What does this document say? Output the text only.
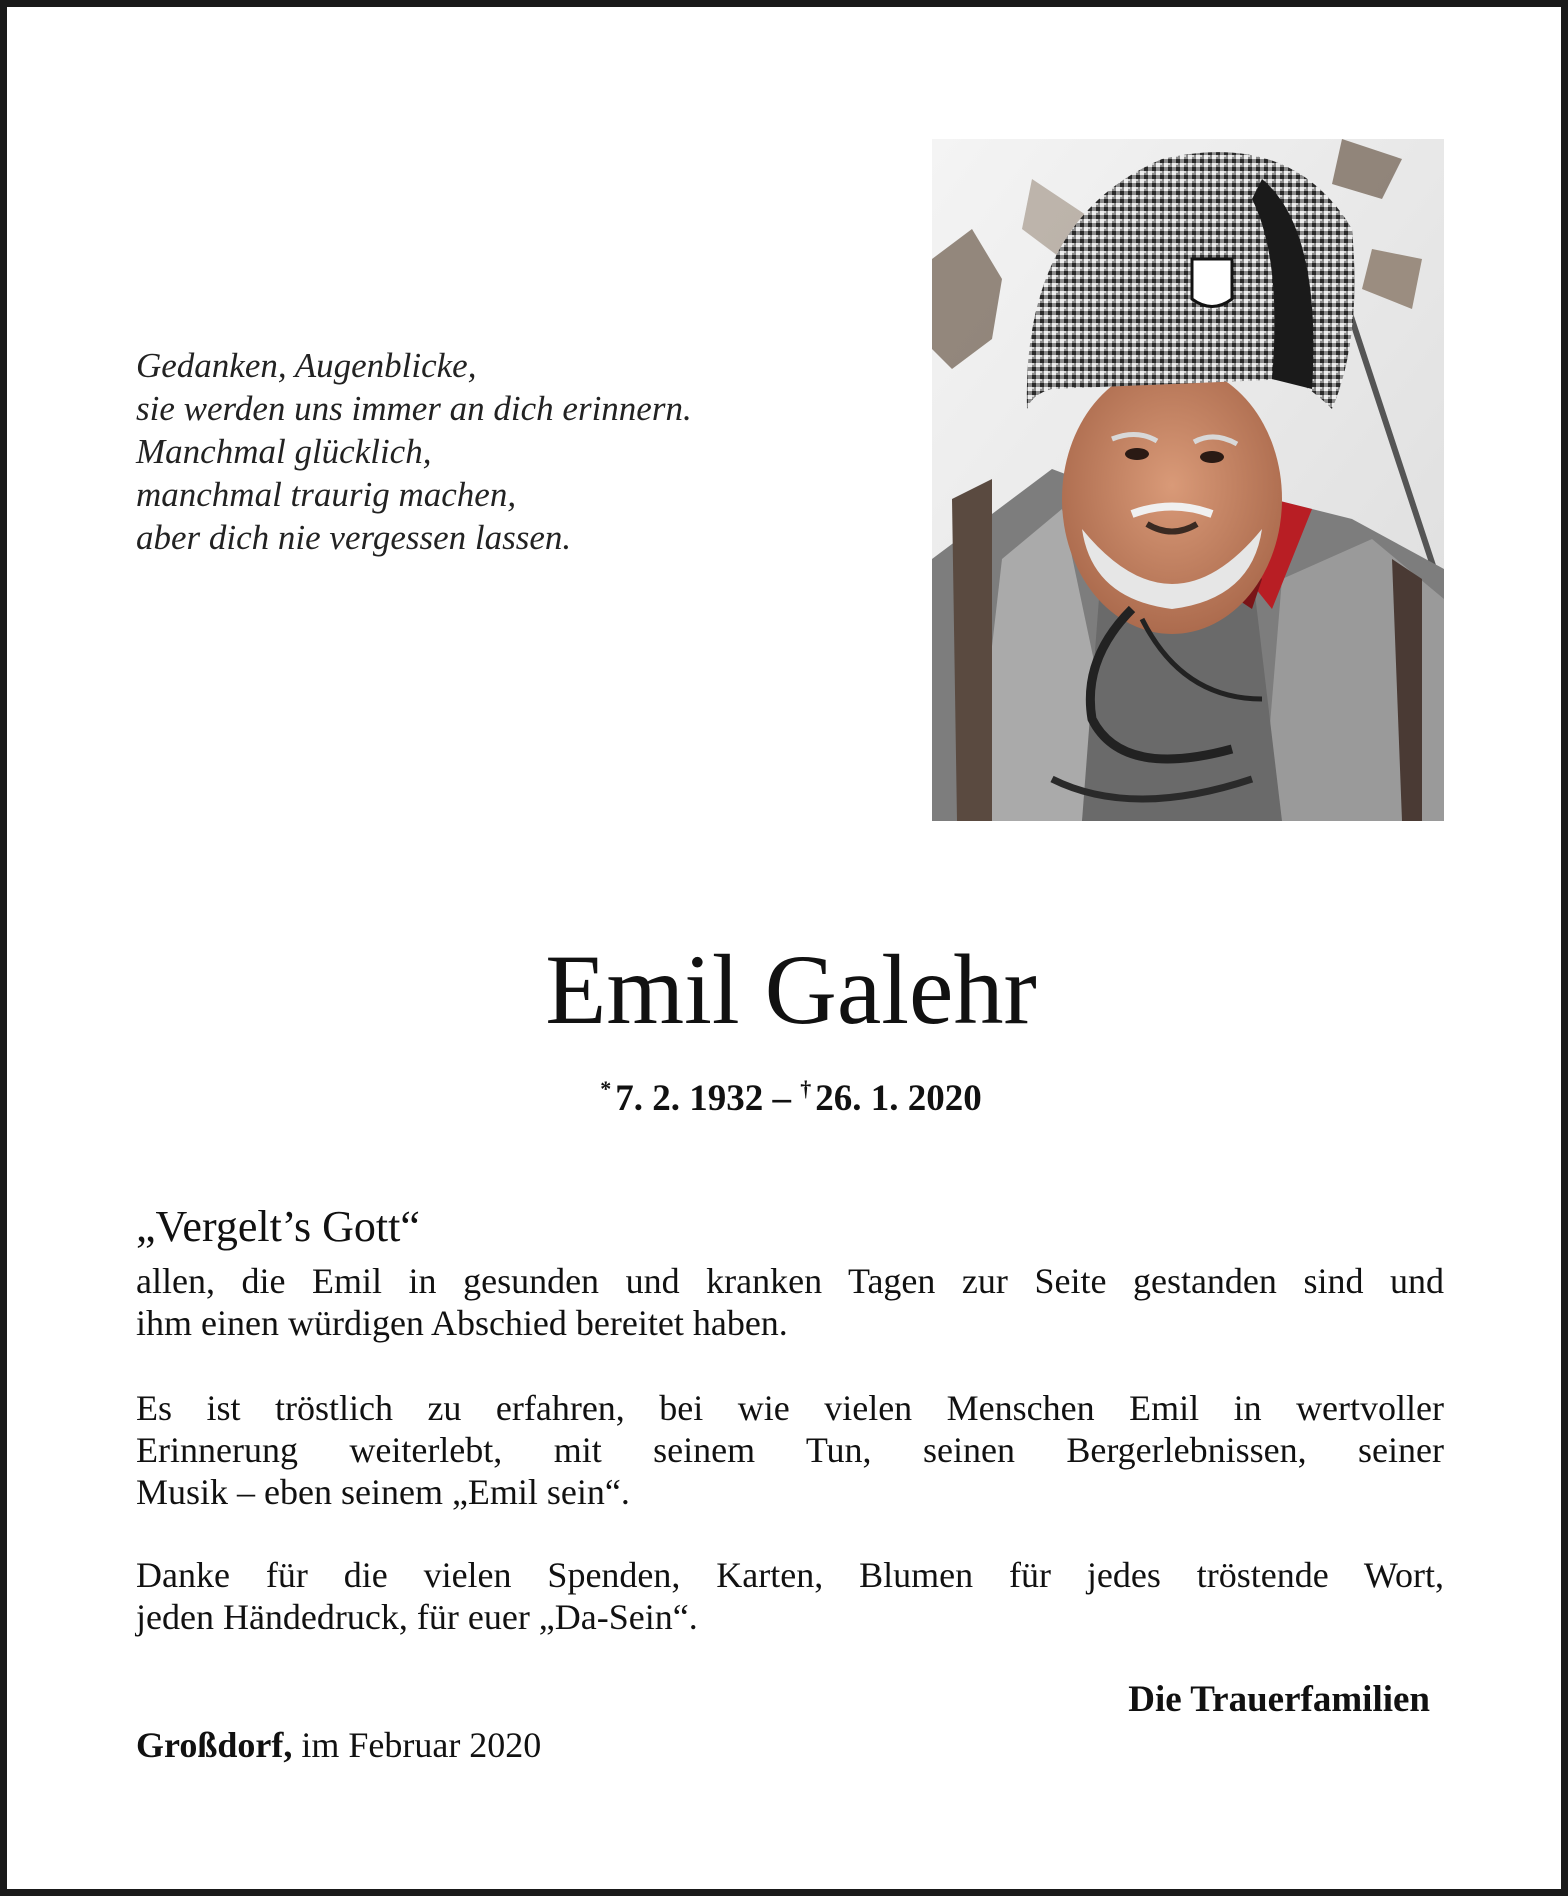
Gedanken, Augenblicke,
sie werden uns immer an dich erinnern.
Manchmal glücklich,
manchmal traurig machen,
aber dich nie vergessen lassen.
Emil Galehr
* 7. 2. 1932 – † 26. 1. 2020
„Vergelt’s Gott“
allen, die Emil in gesunden und kranken Tagen zur Seite gestanden sind und
ihm einen würdigen Abschied bereitet haben.
Es ist tröstlich zu erfahren, bei wie vielen Menschen Emil in wertvoller
Erinnerung weiterlebt, mit seinem Tun, seinen Bergerlebnissen, seiner
Musik – eben seinem „Emil sein“.
Danke für die vielen Spenden, Karten, Blumen für jedes tröstende Wort,
jeden Händedruck, für euer „Da-Sein“.
Die Trauerfamilien
Großdorf, im Februar 2020
